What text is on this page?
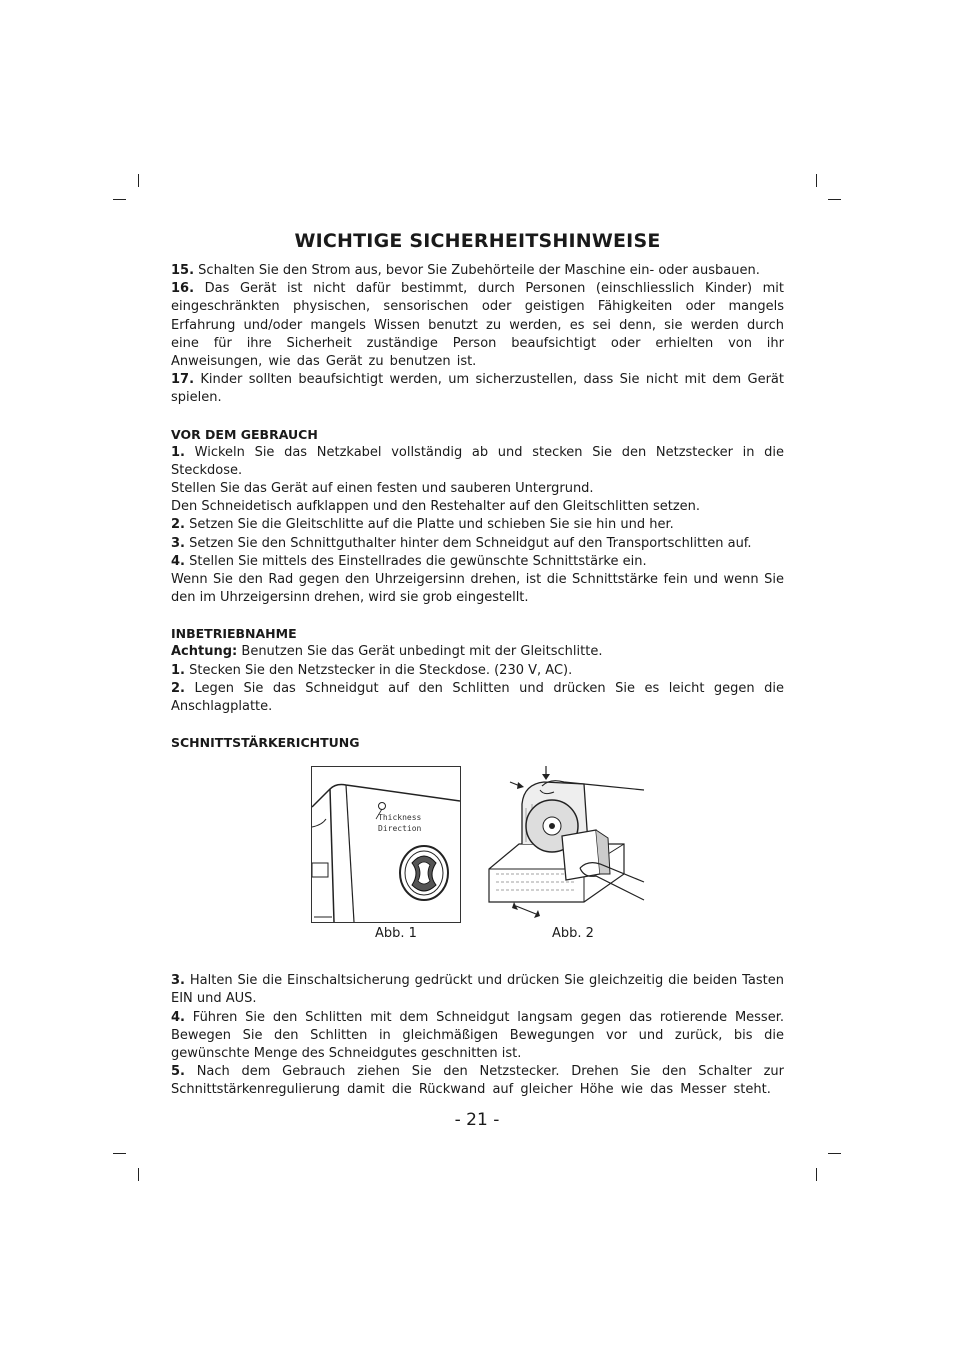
WICHTIGE SICHERHEITSHINWEISE

15. Schalten Sie den Strom aus, bevor Sie Zubehörteile der Maschine ein- oder ausbauen.

16. Das Gerät ist nicht dafür bestimmt, durch Personen (einschliesslich Kinder) mit eingeschränkten physischen, sensorischen oder geistigen Fähigkeiten oder mangels Erfahrung und/oder mangels Wissen benutzt zu werden, es sei denn, sie werden durch eine für ihre Sicherheit zuständige Person beaufsichtigt oder erhielten von ihr Anweisungen, wie das Gerät zu benutzen ist.

17. Kinder sollten beaufsichtigt werden, um sicherzustellen, dass Sie nicht mit dem Gerät spielen.

VOR DEM GEBRAUCH

1. Wickeln Sie das Netzkabel vollständig ab und stecken Sie den Netzstecker in die Steckdose.

Stellen Sie das Gerät auf einen festen und sauberen Untergrund.

Den Schneidetisch aufklappen und den Restehalter auf den Gleitschlitten setzen.

2. Setzen Sie die Gleitschlitte auf die Platte und schieben Sie sie hin und her.

3. Setzen Sie den Schnittguthalter hinter dem Schneidgut auf den Transportschlitten auf.

4. Stellen Sie mittels des Einstellrades die gewünschte Schnittstärke ein.

Wenn Sie den Rad gegen den Uhrzeigersinn drehen, ist die Schnittstärke fein und wenn Sie den im Uhrzeigersinn drehen, wird sie grob eingestellt.

INBETRIEBNAHME

Achtung: Benutzen Sie das Gerät unbedingt mit der Gleitschlitte.

1. Stecken Sie den Netzstecker in die Steckdose. (230 V, AC).

2. Legen Sie das Schneidgut auf den Schlitten und drücken Sie es leicht gegen die Anschlagplatte.

SCHNITTSTÄRKERICHTUNG
Thickness
Direction
Abb. 1	Abb. 2

3. Halten Sie die Einschaltsicherung gedrückt und drücken Sie gleichzeitig die beiden Tasten EIN und AUS.

4. Führen Sie den Schlitten mit dem Schneidgut langsam gegen das rotierende Messer. Bewegen Sie den Schlitten in gleichmäßigen Bewegungen vor und zurück, bis die gewünschte Menge des Schneidgutes geschnitten ist.

5. Nach dem Gebrauch ziehen Sie den Netzstecker. Drehen Sie den Schalter zur Schnittstärkenregulierung damit die Rückwand auf gleicher Höhe wie das Messer steht.

- 21 -
